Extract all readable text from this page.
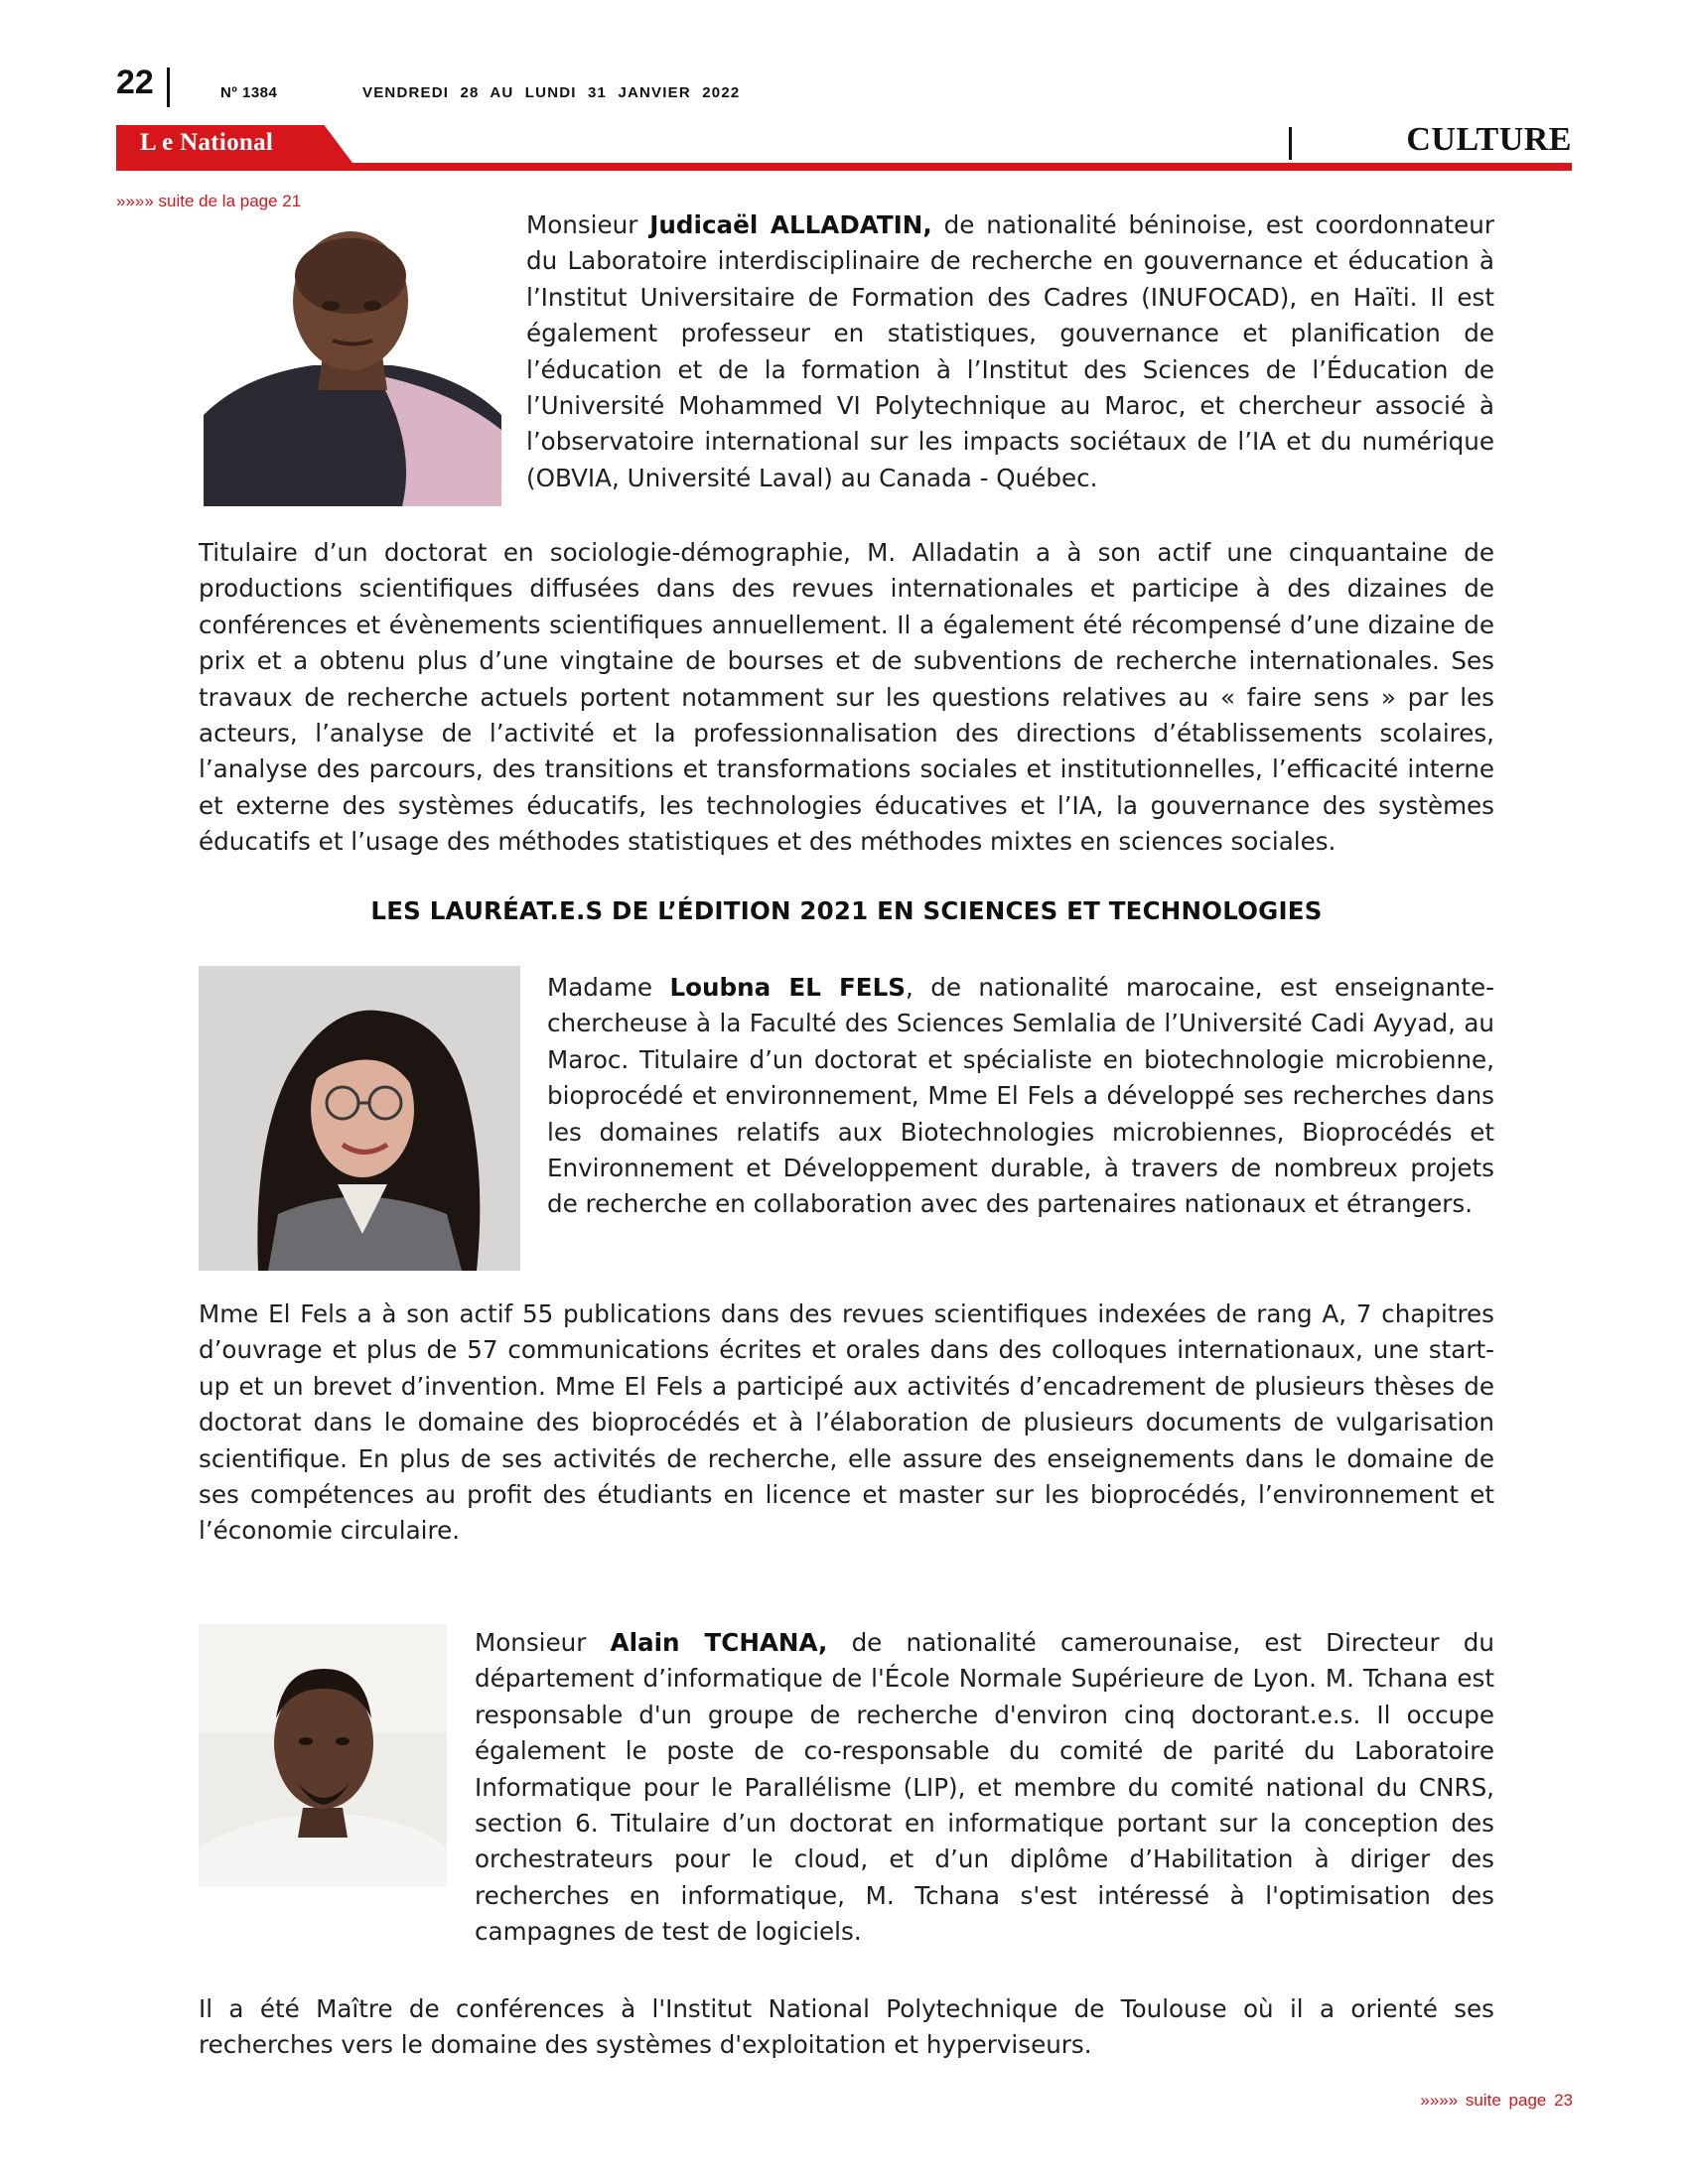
22	Nº 1384	VENDREDI 28 AU LUNDI 31 JANVIER 2022
L e National	CULTURE
»»»» suite de la page 21

Monsieur Judicaël ALLADATIN, de nationalité béninoise, est coordonnateur du Laboratoire interdisciplinaire de recherche en gouvernance et éducation à l’Institut Universitaire de Formation des Cadres (INUFOCAD), en Haïti. Il est également professeur en statistiques, gouvernance et planification de l’éducation et de la formation à l’Institut des Sciences de l’Éducation de l’Université Mohammed VI Polytechnique au Maroc, et chercheur associé à l’observatoire international sur les impacts sociétaux de l’IA et du numérique (OBVIA, Université Laval) au Canada - Québec.

Titulaire d’un doctorat en sociologie-démographie, M. Alladatin a à son actif une cinquantaine de productions scientifiques diffusées dans des revues internationales et participe à des dizaines de conférences et évènements scientifiques annuellement. Il a également été récompensé d’une dizaine de prix et a obtenu plus d’une vingtaine de bourses et de subventions de recherche internationales. Ses travaux de recherche actuels portent notamment sur les questions relatives au « faire sens » par les acteurs, l’analyse de l’activité et la professionnalisation des directions d’établissements scolaires, l’analyse des parcours, des transitions et transformations sociales et institutionnelles, l’efficacité interne et externe des systèmes éducatifs, les technologies éducatives et l’IA, la gouvernance des systèmes éducatifs et l’usage des méthodes statistiques et des méthodes mixtes en sciences sociales.

LES LAURÉAT.E.S DE L’ÉDITION 2021 EN SCIENCES ET TECHNOLOGIES

Madame Loubna EL FELS, de nationalité marocaine, est enseignante-chercheuse à la Faculté des Sciences Semlalia de l’Université Cadi Ayyad, au Maroc. Titulaire d’un doctorat et spécialiste en biotechnologie microbienne, bioprocédé et environnement, Mme El Fels a développé ses recherches dans les domaines relatifs aux Biotechnologies microbiennes, Bioprocédés et Environnement et Développement durable, à travers de nombreux projets de recherche en collaboration avec des partenaires nationaux et étrangers.

Mme El Fels a à son actif 55 publications dans des revues scientifiques indexées de rang A, 7 chapitres d’ouvrage et plus de 57 communications écrites et orales dans des colloques internationaux, une start-up et un brevet d’invention. Mme El Fels a participé aux activités d’encadrement de plusieurs thèses de doctorat dans le domaine des bioprocédés et à l’élaboration de plusieurs documents de vulgarisation scientifique. En plus de ses activités de recherche, elle assure des enseignements dans le domaine de ses compétences au profit des étudiants en licence et master sur les bioprocédés, l’environnement et l’économie circulaire.

Monsieur Alain TCHANA, de nationalité camerounaise, est Directeur du département d’informatique de l'École Normale Supérieure de Lyon. M. Tchana est responsable d'un groupe de recherche d'environ cinq doctorant.e.s. Il occupe également le poste de co-responsable du comité de parité du Laboratoire Informatique pour le Parallélisme (LIP), et membre du comité national du CNRS, section 6. Titulaire d’un doctorat en informatique portant sur la conception des orchestrateurs pour le cloud, et d’un diplôme d’Habilitation à diriger des recherches en informatique, M. Tchana s'est intéressé à l'optimisation des campagnes de test de logiciels.

Il a été Maître de conférences à l'Institut National Polytechnique de Toulouse où il a orienté ses recherches vers le domaine des systèmes d'exploitation et hyperviseurs.

»»»» suite page 23
